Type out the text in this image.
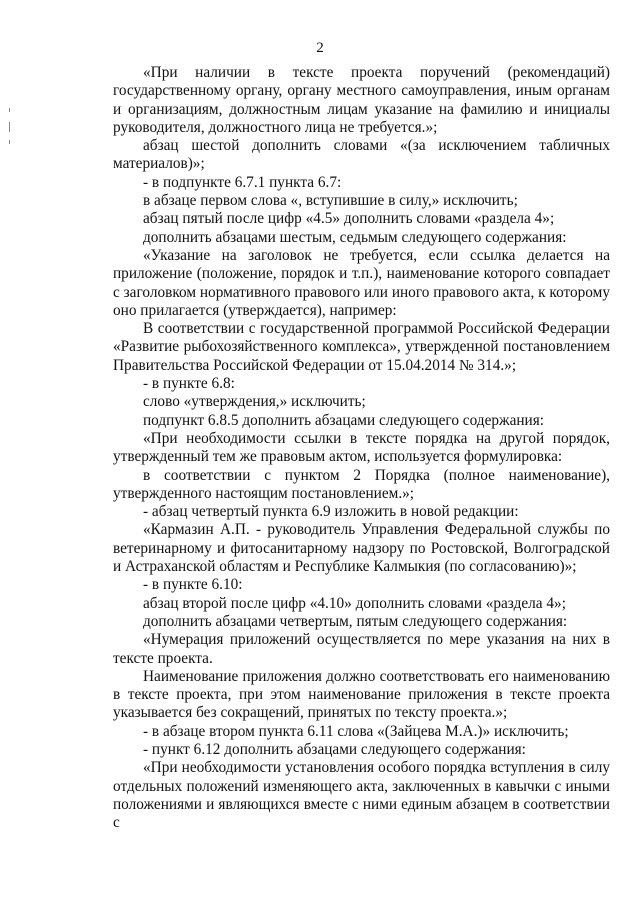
2

«При наличии в тексте проекта поручений (рекомендаций) государственному органу, органу местного самоуправления, иным органам и организациям, должностным лицам указание на фамилию и инициалы руководителя, должностного лица не требуется.»;

абзац шестой дополнить словами «(за исключением табличных материалов)»;

- в подпункте 6.7.1 пункта 6.7:

в абзаце первом слова «, вступившие в силу,» исключить;

абзац пятый после цифр «4.5» дополнить словами «раздела 4»;

дополнить абзацами шестым, седьмым следующего содержания:

«Указание на заголовок не требуется, если ссылка делается на приложение (положение, порядок и т.п.), наименование которого совпадает с заголовком нормативного правового или иного правового акта, к которому оно прилагается (утверждается), например:

В соответствии с государственной программой Российской Федерации «Развитие рыбохозяйственного комплекса», утвержденной постановлением Правительства Российской Федерации от 15.04.2014 № 314.»;

- в пункте 6.8:

слово «утверждения,» исключить;

подпункт 6.8.5 дополнить абзацами следующего содержания:

«При необходимости ссылки в тексте порядка на другой порядок, утвержденный тем же правовым актом, используется формулировка:

в соответствии с пунктом 2 Порядка (полное наименование), утвержденного настоящим постановлением.»;

- абзац четвертый пункта 6.9 изложить в новой редакции:

«Кармазин А.П. - руководитель Управления Федеральной службы по ветеринарному и фитосанитарному надзору по Ростовской, Волгоградской и Астраханской областям и Республике Калмыкия (по согласованию)»;

- в пункте 6.10:

абзац второй после цифр «4.10» дополнить словами «раздела 4»;

дополнить абзацами четвертым, пятым следующего содержания:

«Нумерация приложений осуществляется по мере указания на них в тексте проекта.

Наименование приложения должно соответствовать его наименованию в тексте проекта, при этом наименование приложения в тексте проекта указывается без сокращений, принятых по тексту проекта.»;

- в абзаце втором пункта 6.11 слова «(Зайцева М.А.)» исключить;

- пункт 6.12 дополнить абзацами следующего содержания:

«При необходимости установления особого порядка вступления в силу отдельных положений изменяющего акта, заключенных в кавычки с иными положениями и являющихся вместе с ними единым абзацем в соответствии с
